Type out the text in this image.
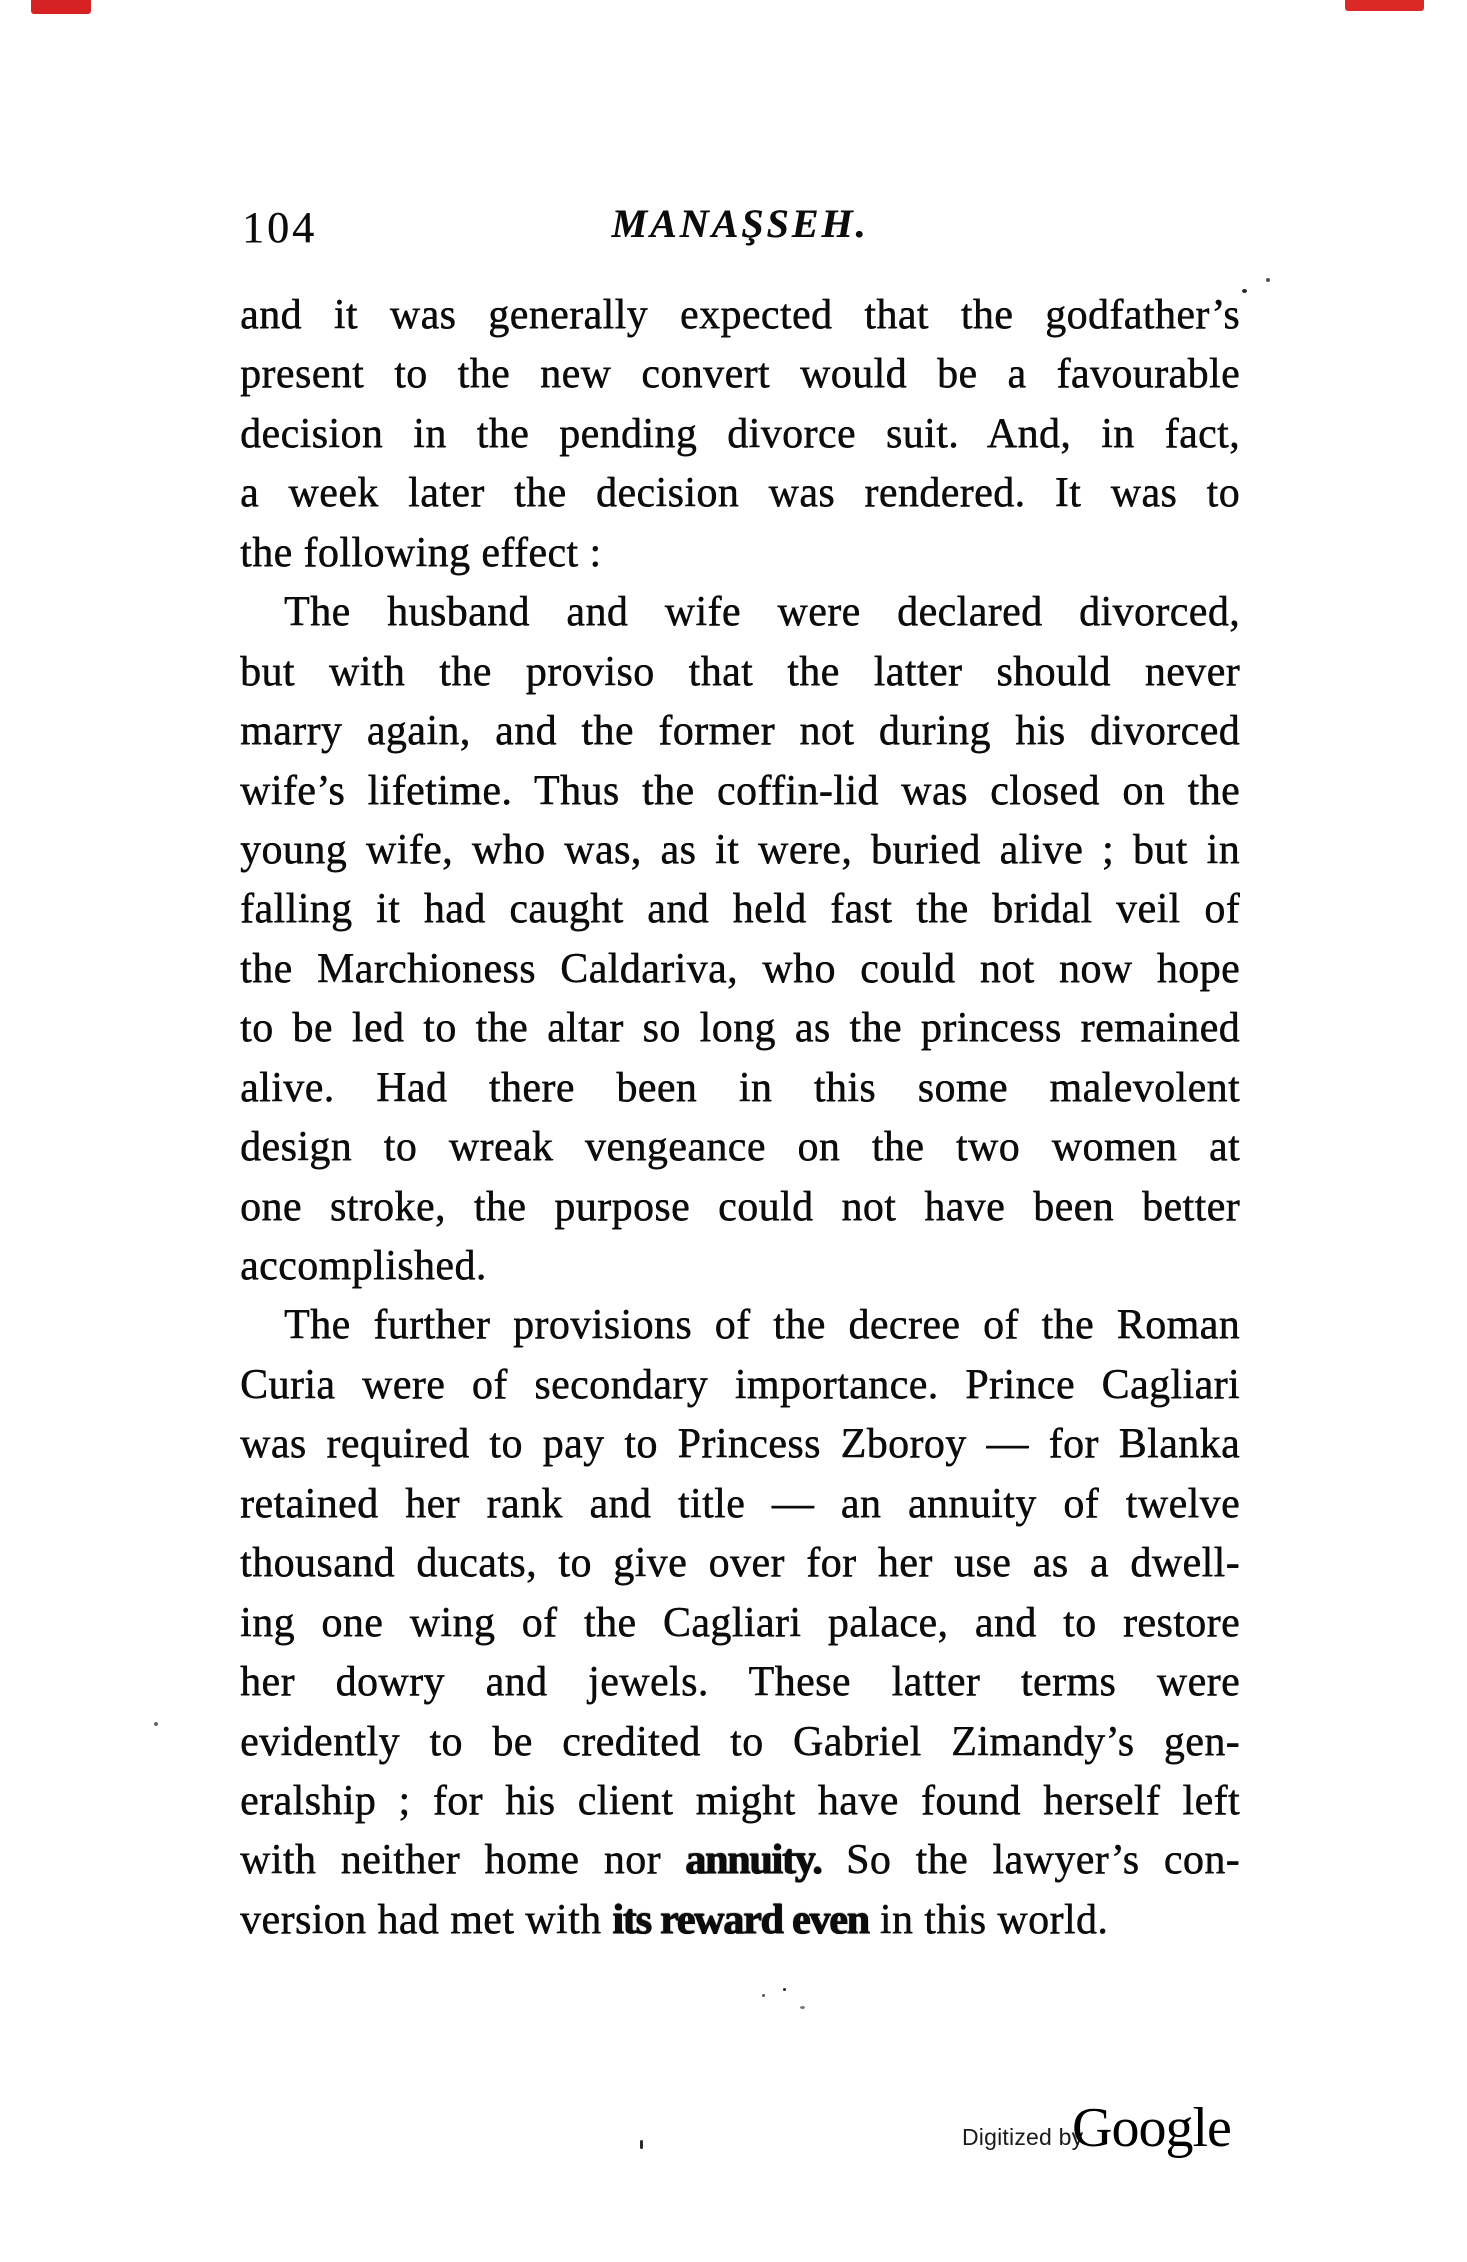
104	MANAŞSEH.
and it was generally expected that the godfather’s
present to the new convert would be a favourable
decision in the pending divorce suit. And, in fact,
a week later the decision was rendered. It was to
the following effect :
The husband and wife were declared divorced,
but with the proviso that the latter should never
marry again, and the former not during his divorced
wife’s lifetime. Thus the coffin-lid was closed on the
young wife, who was, as it were, buried alive ; but in
falling it had caught and held fast the bridal veil of
the Marchioness Caldariva, who could not now hope
to be led to the altar so long as the princess remained
alive. Had there been in this some malevolent
design to wreak vengeance on the two women at
one stroke, the purpose could not have been better
accomplished.
The further provisions of the decree of the Roman
Curia were of secondary importance. Prince Cagliari
was required to pay to Princess Zboroy — for Blanka
retained her rank and title — an annuity of twelve
thousand ducats, to give over for her use as a dwell-
ing one wing of the Cagliari palace, and to restore
her dowry and jewels. These latter terms were
evidently to be credited to Gabriel Zimandy’s gen-
eralship ; for his client might have found herself left
with neither home nor annuity. So the lawyer’s con-
version had met with its reward even in this world.
Digitized by
Google
